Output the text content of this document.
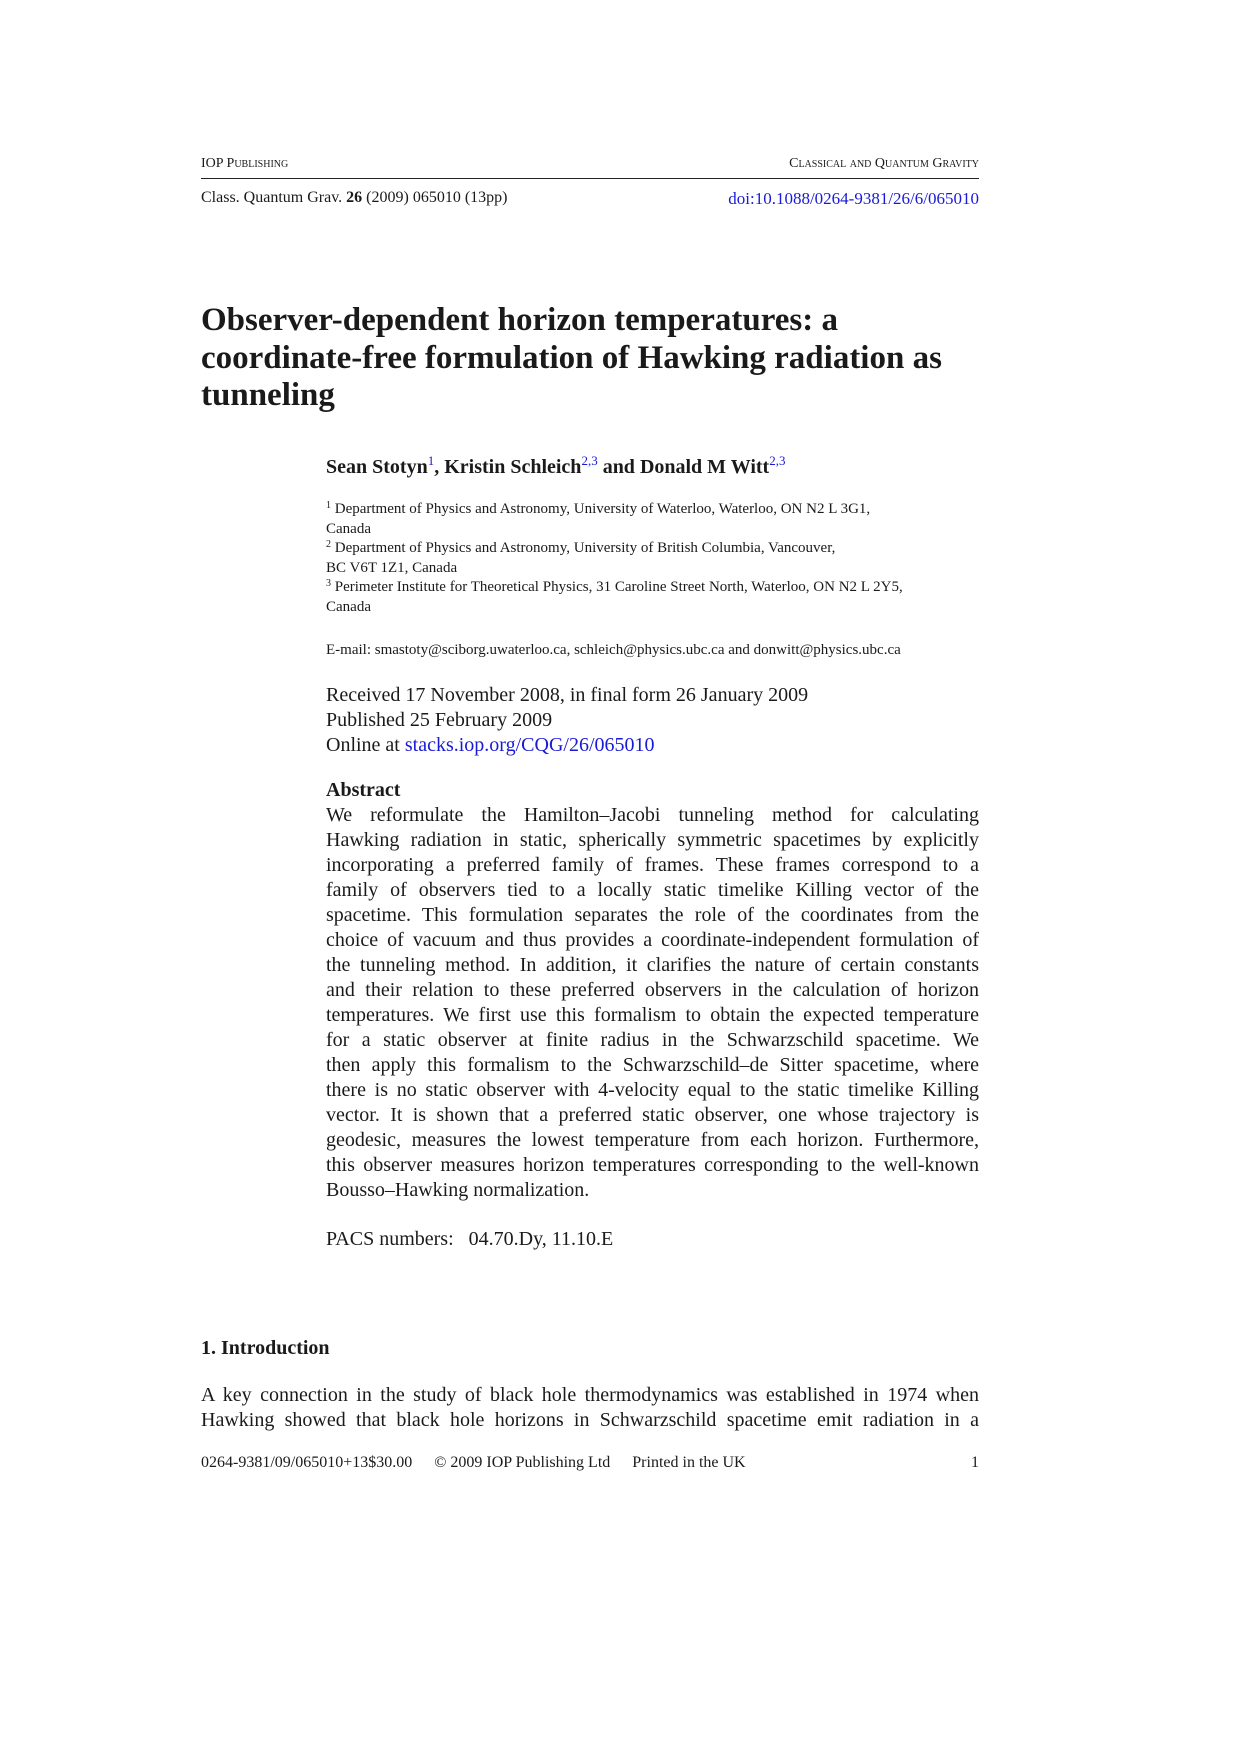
IOP Publishing	Classical and Quantum Gravity
Class. Quantum Grav. 26 (2009) 065010 (13pp)	doi:10.1088/0264-9381/26/6/065010
Observer-dependent horizon temperatures: a coordinate-free formulation of Hawking radiation as tunneling
Sean Stotyn$^1$, Kristin Schleich$^{2,3}$ and Donald M Witt$^{2,3}$
$^1$ Department of Physics and Astronomy, University of Waterloo, Waterloo, ON N2 L 3G1,
Canada
$^2$ Department of Physics and Astronomy, University of British Columbia, Vancouver,
BC V6T 1Z1, Canada
$^3$ Perimeter Institute for Theoretical Physics, 31 Caroline Street North, Waterloo, ON N2 L 2Y5,
Canada
E-mail: smastoty@sciborg.uwaterloo.ca, schleich@physics.ubc.ca and donwitt@physics.ubc.ca
Received 17 November 2008, in final form 26 January 2009
Published 25 February 2009
Online at stacks.iop.org/CQG/26/065010
Abstract
We reformulate the Hamilton–Jacobi tunneling method for calculating
Hawking radiation in static, spherically symmetric spacetimes by explicitly
incorporating a preferred family of frames. These frames correspond to a
family of observers tied to a locally static timelike Killing vector of the
spacetime. This formulation separates the role of the coordinates from the
choice of vacuum and thus provides a coordinate-independent formulation of
the tunneling method. In addition, it clarifies the nature of certain constants
and their relation to these preferred observers in the calculation of horizon
temperatures. We first use this formalism to obtain the expected temperature
for a static observer at finite radius in the Schwarzschild spacetime. We
then apply this formalism to the Schwarzschild–de Sitter spacetime, where
there is no static observer with 4-velocity equal to the static timelike Killing
vector. It is shown that a preferred static observer, one whose trajectory is
geodesic, measures the lowest temperature from each horizon. Furthermore,
this observer measures horizon temperatures corresponding to the well-known
Bousso–Hawking normalization.
PACS numbers:   04.70.Dy, 11.10.E
1. Introduction
A key connection in the study of black hole thermodynamics was established in 1974 when
Hawking showed that black hole horizons in Schwarzschild spacetime emit radiation in a
0264-9381/09/065010+13$30.00 © 2009 IOP Publishing Ltd Printed in the UK	1
